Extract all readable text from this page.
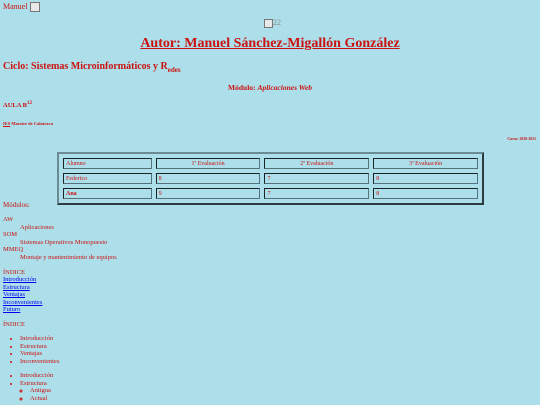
Manuel
22
Autor: Manuel Sánchez-Migallón González
Ciclo: Sistemas Microinformáticos y $R_{edes}$
Módulo: Aplicaciones Web
AULA $B^{12}$
IES Maestre de Calatrava
Curso: 2020-2021
Alumno	1ª Evaluación	2ª Evaluación	3ª Evaluación
Federico	8	7	8
Ana	9	7	8
Módulos:
AW
Aplicaciones
SOM
Sistemas Operativos Monopuesto
MMEQ
Montaje y mantenimiento de equipos
ÍNDICE
Introducción
Estructura
Ventajas
Inconvenientes
Futuro
ÍNDICE
• Introducción
• Estructura
• Ventajas
• Inconvenientes
• Introducción
• Estructura
◦ Antigua
◦ Actual
